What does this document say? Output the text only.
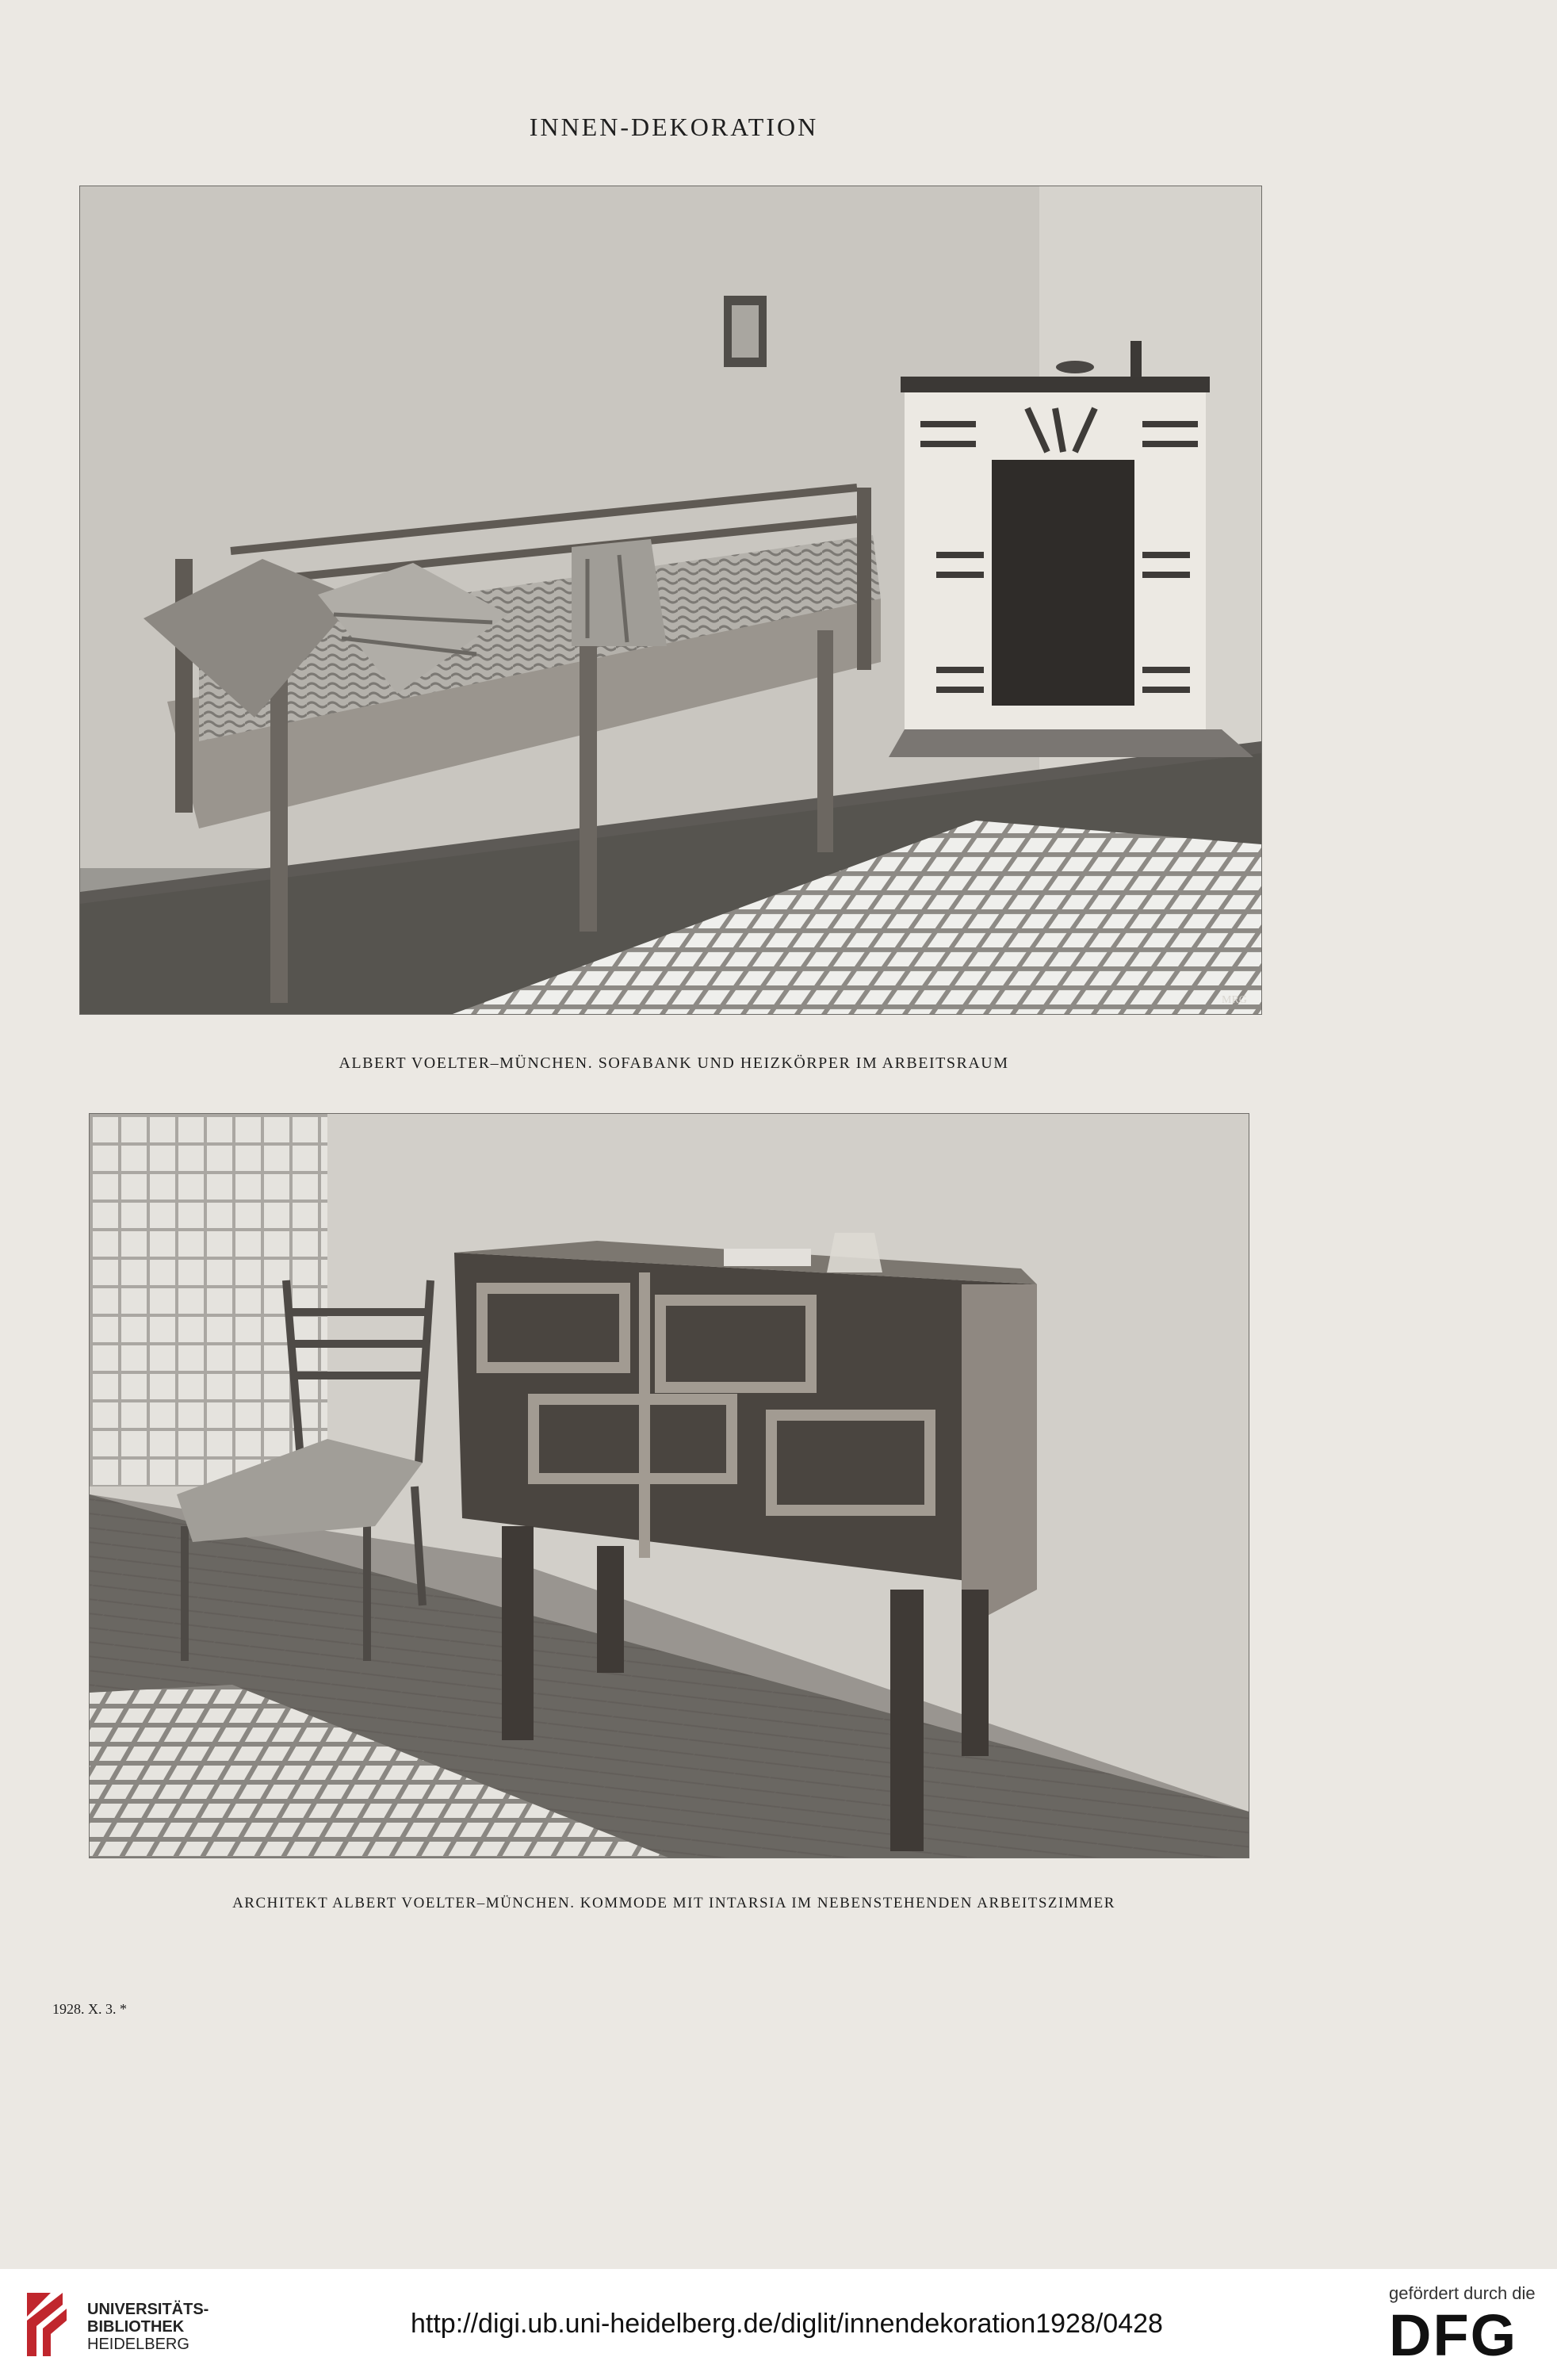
INNEN-DEKORATION
MRG
ALBERT VOELTER–MÜNCHEN. SOFABANK UND HEIZKÖRPER IM ARBEITSRAUM
ARCHITEKT ALBERT VOELTER–MÜNCHEN. KOMMODE MIT INTARSIA IM NEBENSTEHENDEN ARBEITSZIMMER
1928. X. 3. *
UNIVERSITÄTS-
BIBLIOTHEK
HEIDELBERG
http://digi.ub.uni-heidelberg.de/diglit/innendekoration1928/0428
gefördert durch die
DFG
